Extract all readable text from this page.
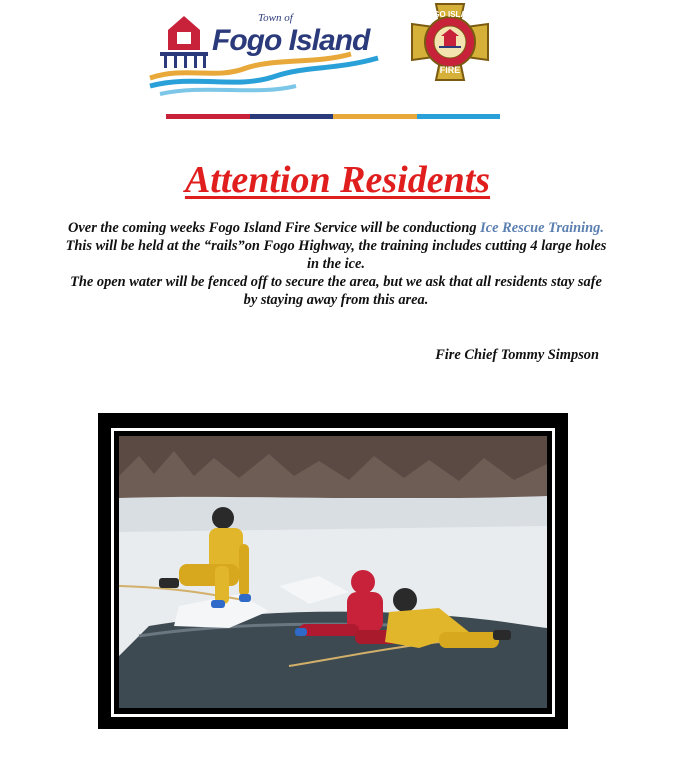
Town of
Fogo Island
FOGO ISLAND
FIRE
Attention Residents

Over the coming weeks Fogo Island Fire Service will be conductiong Ice Rescue Training.

This will be held at the “rails”on Fogo Highway, the training includes cutting 4 large holes in the ice.

The open water will be fenced off to secure the area, but we ask that all residents stay safe by staying away from this area.

Fire Chief Tommy Simpson
